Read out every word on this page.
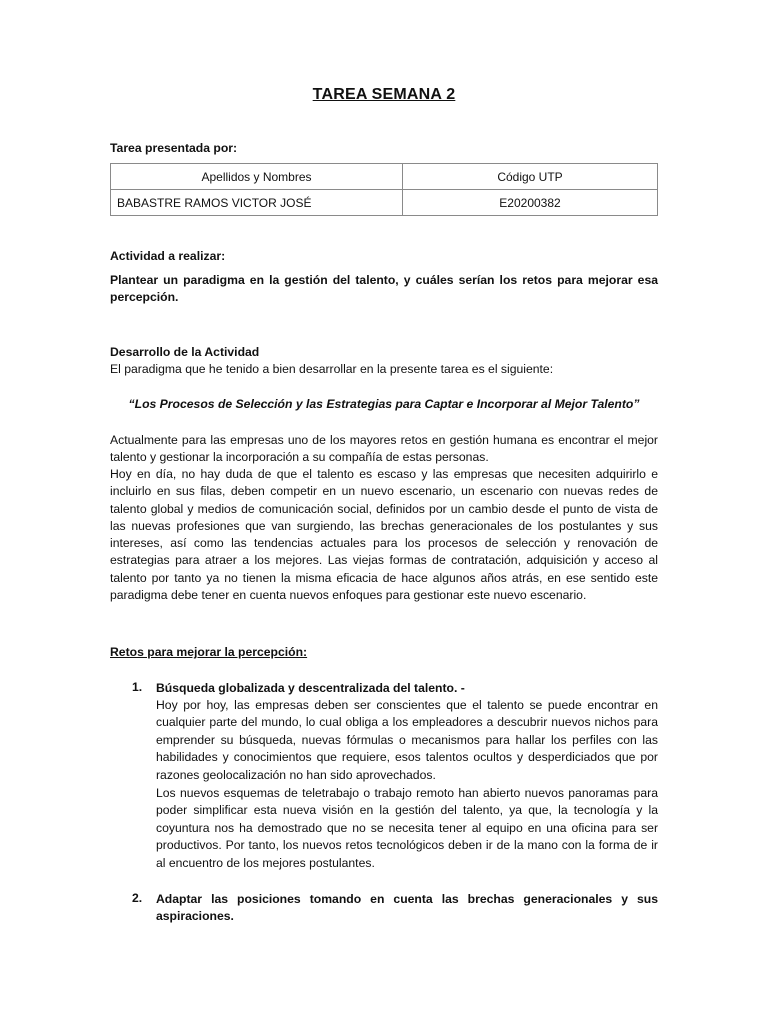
TAREA SEMANA 2
Tarea presentada por:
Apellidos y Nombres	Código UTP
BABASTRE RAMOS VICTOR JOSÉ	E20200382
Actividad a realizar:
Plantear un paradigma en la gestión del talento, y cuáles serían los retos para mejorar esa percepción.
Desarrollo de la Actividad
El paradigma que he tenido a bien desarrollar en la presente tarea es el siguiente:
“Los Procesos de Selección y las Estrategias para Captar e Incorporar al Mejor Talento”
Actualmente para las empresas uno de los mayores retos en gestión humana es encontrar el mejor talento y gestionar la incorporación a su compañía de estas personas.
Hoy en día, no hay duda de que el talento es escaso y las empresas que necesiten adquirirlo e incluirlo en sus filas, deben competir en un nuevo escenario, un escenario con nuevas redes de talento global y medios de comunicación social, definidos por un cambio desde el punto de vista de las nuevas profesiones que van surgiendo, las brechas generacionales de los postulantes y sus intereses, así como las tendencias actuales para los procesos de selección y renovación de estrategias para atraer a los mejores. Las viejas formas de contratación, adquisición y acceso al talento por tanto ya no tienen la misma eficacia de hace algunos años atrás, en ese sentido este paradigma debe tener en cuenta nuevos enfoques para gestionar este nuevo escenario.
Retos para mejorar la percepción:
1. Búsqueda globalizada y descentralizada del talento. -
Hoy por hoy, las empresas deben ser conscientes que el talento se puede encontrar en cualquier parte del mundo, lo cual obliga a los empleadores a descubrir nuevos nichos para emprender su búsqueda, nuevas fórmulas o mecanismos para hallar los perfiles con las habilidades y conocimientos que requiere, esos talentos ocultos y desperdiciados que por razones geolocalización no han sido aprovechados.
Los nuevos esquemas de teletrabajo o trabajo remoto han abierto nuevos panoramas para poder simplificar esta nueva visión en la gestión del talento, ya que, la tecnología y la coyuntura nos ha demostrado que no se necesita tener al equipo en una oficina para ser productivos. Por tanto, los nuevos retos tecnológicos deben ir de la mano con la forma de ir al encuentro de los mejores postulantes.
2. Adaptar las posiciones tomando en cuenta las brechas generacionales y sus aspiraciones.
